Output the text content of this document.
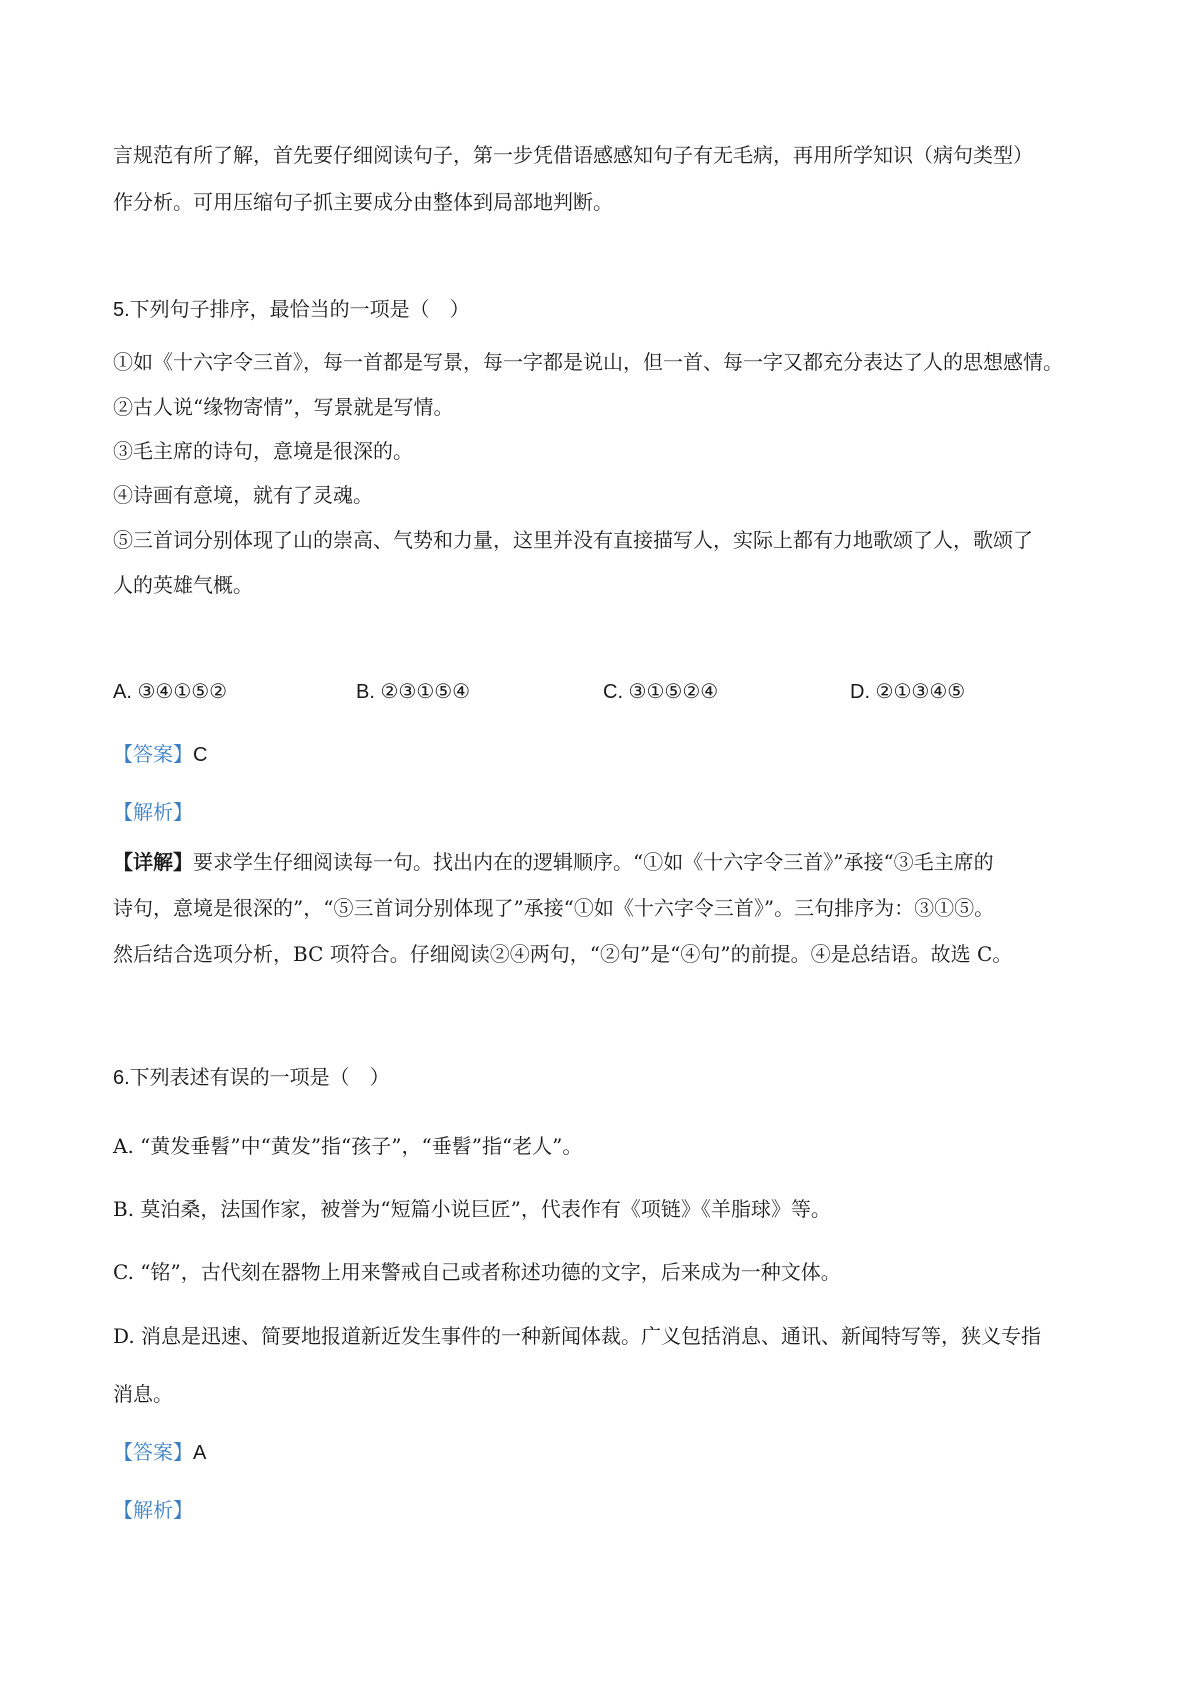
言规范有所了解，首先要仔细阅读句子，第一步凭借语感感知句子有无毛病，再用所学知识（病句类型）
作分析。可用压缩句子抓主要成分由整体到局部地判断。
5.下列句子排序，最恰当的一项是（　）
①如《十六字令三首》，每一首都是写景，每一字都是说山，但一首、每一字又都充分表达了人的思想感情。
②古人说“缘物寄情”，写景就是写情。
③毛主席的诗句，意境是很深的。
④诗画有意境，就有了灵魂。
⑤三首词分别体现了山的崇高、气势和力量，这里并没有直接描写人，实际上都有力地歌颂了人，歌颂了
人的英雄气概。
A. ③④①⑤②	B. ②③①⑤④	C. ③①⑤②④	D. ②①③④⑤
【答案】C
【解析】
【详解】要求学生仔细阅读每一句。找出内在的逻辑顺序。“①如《十六字令三首》”承接“③毛主席的
诗句，意境是很深的”，“⑤三首词分别体现了”承接“①如《十六字令三首》”。三句排序为：③①⑤。
然后结合选项分析，BC 项符合。仔细阅读②④两句，“②句”是“④句”的前提。④是总结语。故选 C。
6.下列表述有误的一项是（　）
A. “黄发垂髫”中“黄发”指“孩子”，“垂髫”指“老人”。
B. 莫泊桑，法国作家，被誉为“短篇小说巨匠”，代表作有《项链》《羊脂球》等。
C. “铭”，古代刻在器物上用来警戒自己或者称述功德的文字，后来成为一种文体。
D. 消息是迅速、简要地报道新近发生事件的一种新闻体裁。广义包括消息、通讯、新闻特写等，狭义专指
消息。
【答案】A
【解析】
